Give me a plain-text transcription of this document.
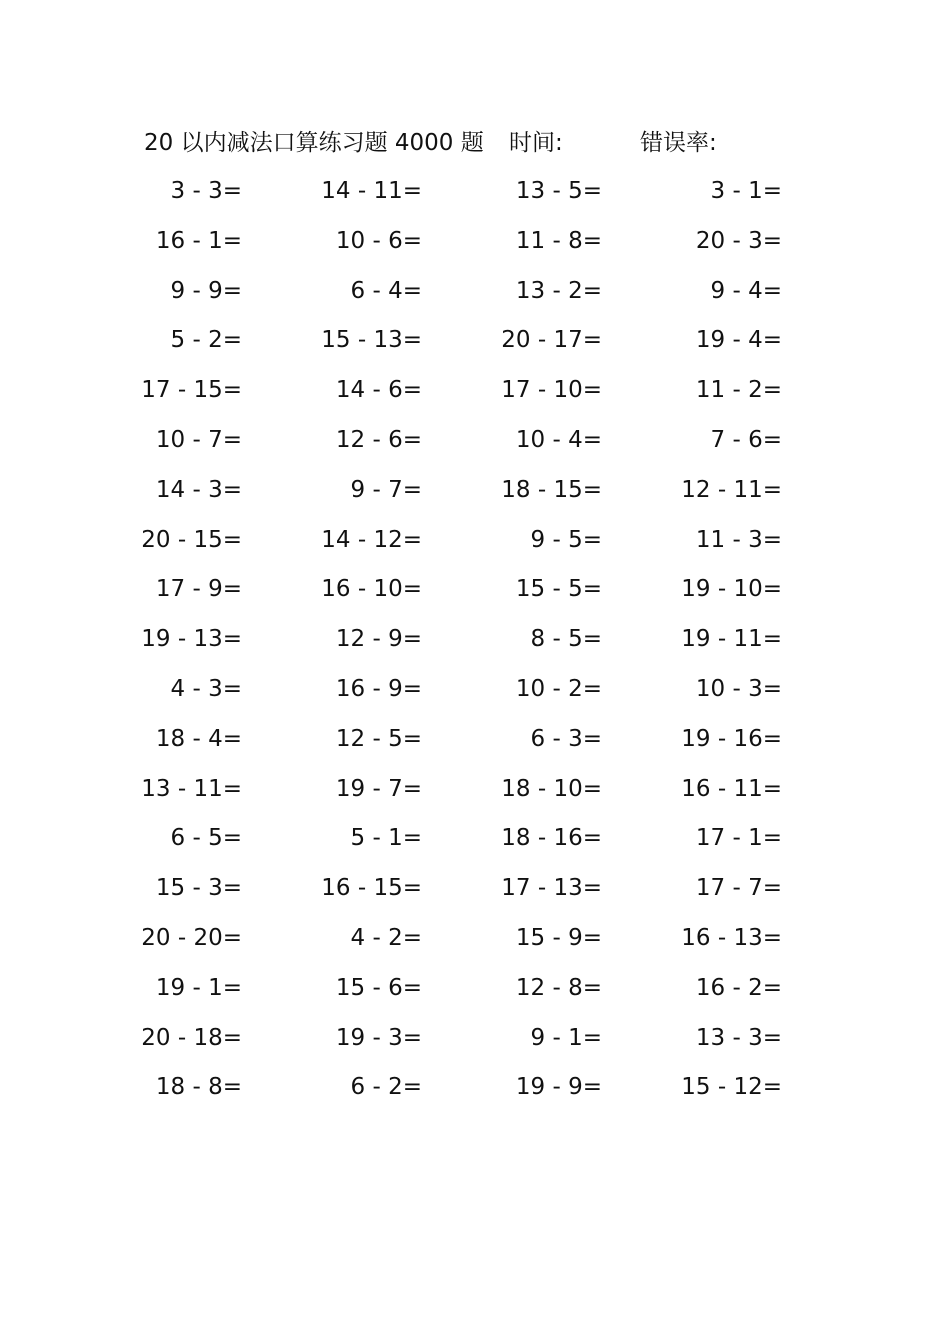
20 以内减法口算练习题 4000 题 时间:	错误率:
3 - 3=	14 - 11=	13 - 5=	3 - 1=
16 - 1=	10 - 6=	11 - 8=	20 - 3=
9 - 9=	6 - 4=	13 - 2=	9 - 4=
5 - 2=	15 - 13=	20 - 17=	19 - 4=
17 - 15=	14 - 6=	17 - 10=	11 - 2=
10 - 7=	12 - 6=	10 - 4=	7 - 6=
14 - 3=	9 - 7=	18 - 15=	12 - 11=
20 - 15=	14 - 12=	9 - 5=	11 - 3=
17 - 9=	16 - 10=	15 - 5=	19 - 10=
19 - 13=	12 - 9=	8 - 5=	19 - 11=
4 - 3=	16 - 9=	10 - 2=	10 - 3=
18 - 4=	12 - 5=	6 - 3=	19 - 16=
13 - 11=	19 - 7=	18 - 10=	16 - 11=
6 - 5=	5 - 1=	18 - 16=	17 - 1=
15 - 3=	16 - 15=	17 - 13=	17 - 7=
20 - 20=	4 - 2=	15 - 9=	16 - 13=
19 - 1=	15 - 6=	12 - 8=	16 - 2=
20 - 18=	19 - 3=	9 - 1=	13 - 3=
18 - 8=	6 - 2=	19 - 9=	15 - 12=
